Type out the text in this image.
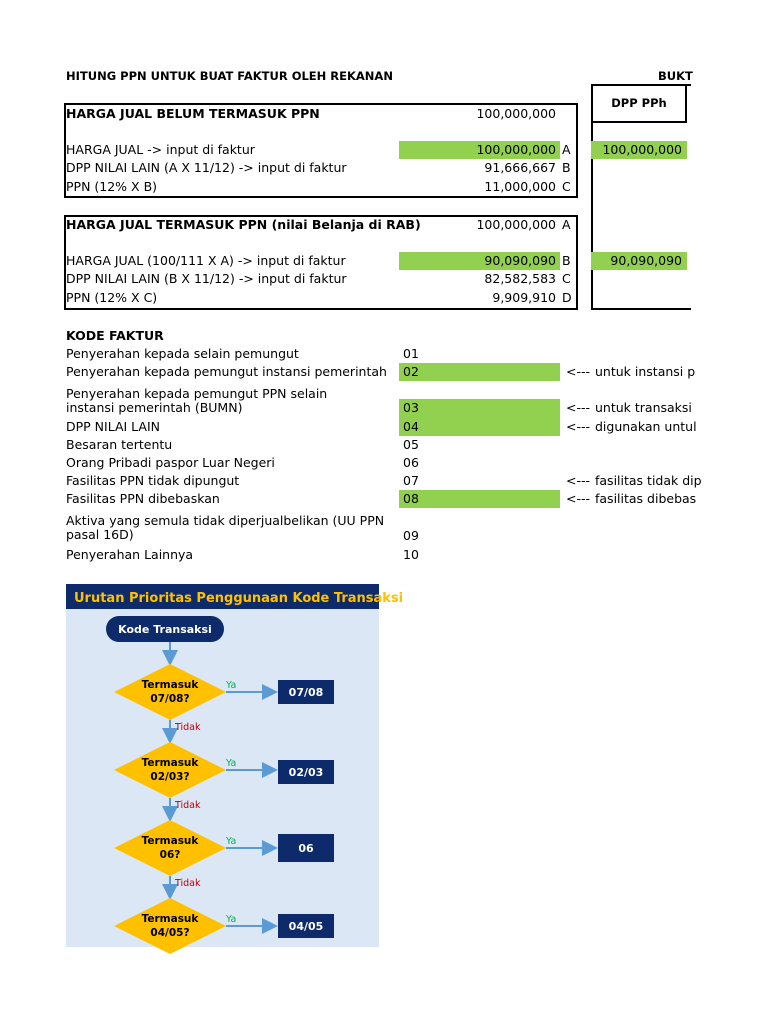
HITUNG PPN UNTUK BUAT FAKTUR OLEH REKANAN	BUKT
DPP PPh
HARGA JUAL BELUM TERMASUK PPN	100,000,000
HARGA JUAL -> input di faktur	100,000,000 A	100,000,000
DPP NILAI LAIN (A X 11/12) -> input di faktur	91,666,667 B
PPN (12% X B)	11,000,000 C
HARGA JUAL TERMASUK PPN (nilai Belanja di RAB)	100,000,000 A
HARGA JUAL (100/111 X A) -> input di faktur	90,090,090 B	90,090,090
DPP NILAI LAIN (B X 11/12) -> input di faktur	82,582,583 C
PPN (12% X C)	9,909,910 D
KODE FAKTUR
Penyerahan kepada selain pemungut	01
Penyerahan kepada pemungut instansi pemerintah 02	<--- untuk instansi p
Penyerahan kepada pemungut PPN selain instansi pemerintah (BUMN)	03	<--- untuk transaksi
DPP NILAI LAIN	04	<--- digunakan untul
Besaran tertentu	05
Orang Pribadi paspor Luar Negeri	06
Fasilitas PPN tidak dipungut	07	<--- fasilitas tidak dip
Fasilitas PPN dibebaskan	08	<--- fasilitas dibebas
Aktiva yang semula tidak diperjualbelikan (UU PPN pasal 16D)	09
Penyerahan Lainnya	10
Urutan Prioritas Penggunaan Kode Transaksi
Kode Transaksi
Termasuk
07/08?
Ya
07/08
Tidak
Termasuk
02/03?
Ya
02/03
Tidak
Termasuk
06?
Ya
06
Tidak
Termasuk
04/05?
Ya
04/05
